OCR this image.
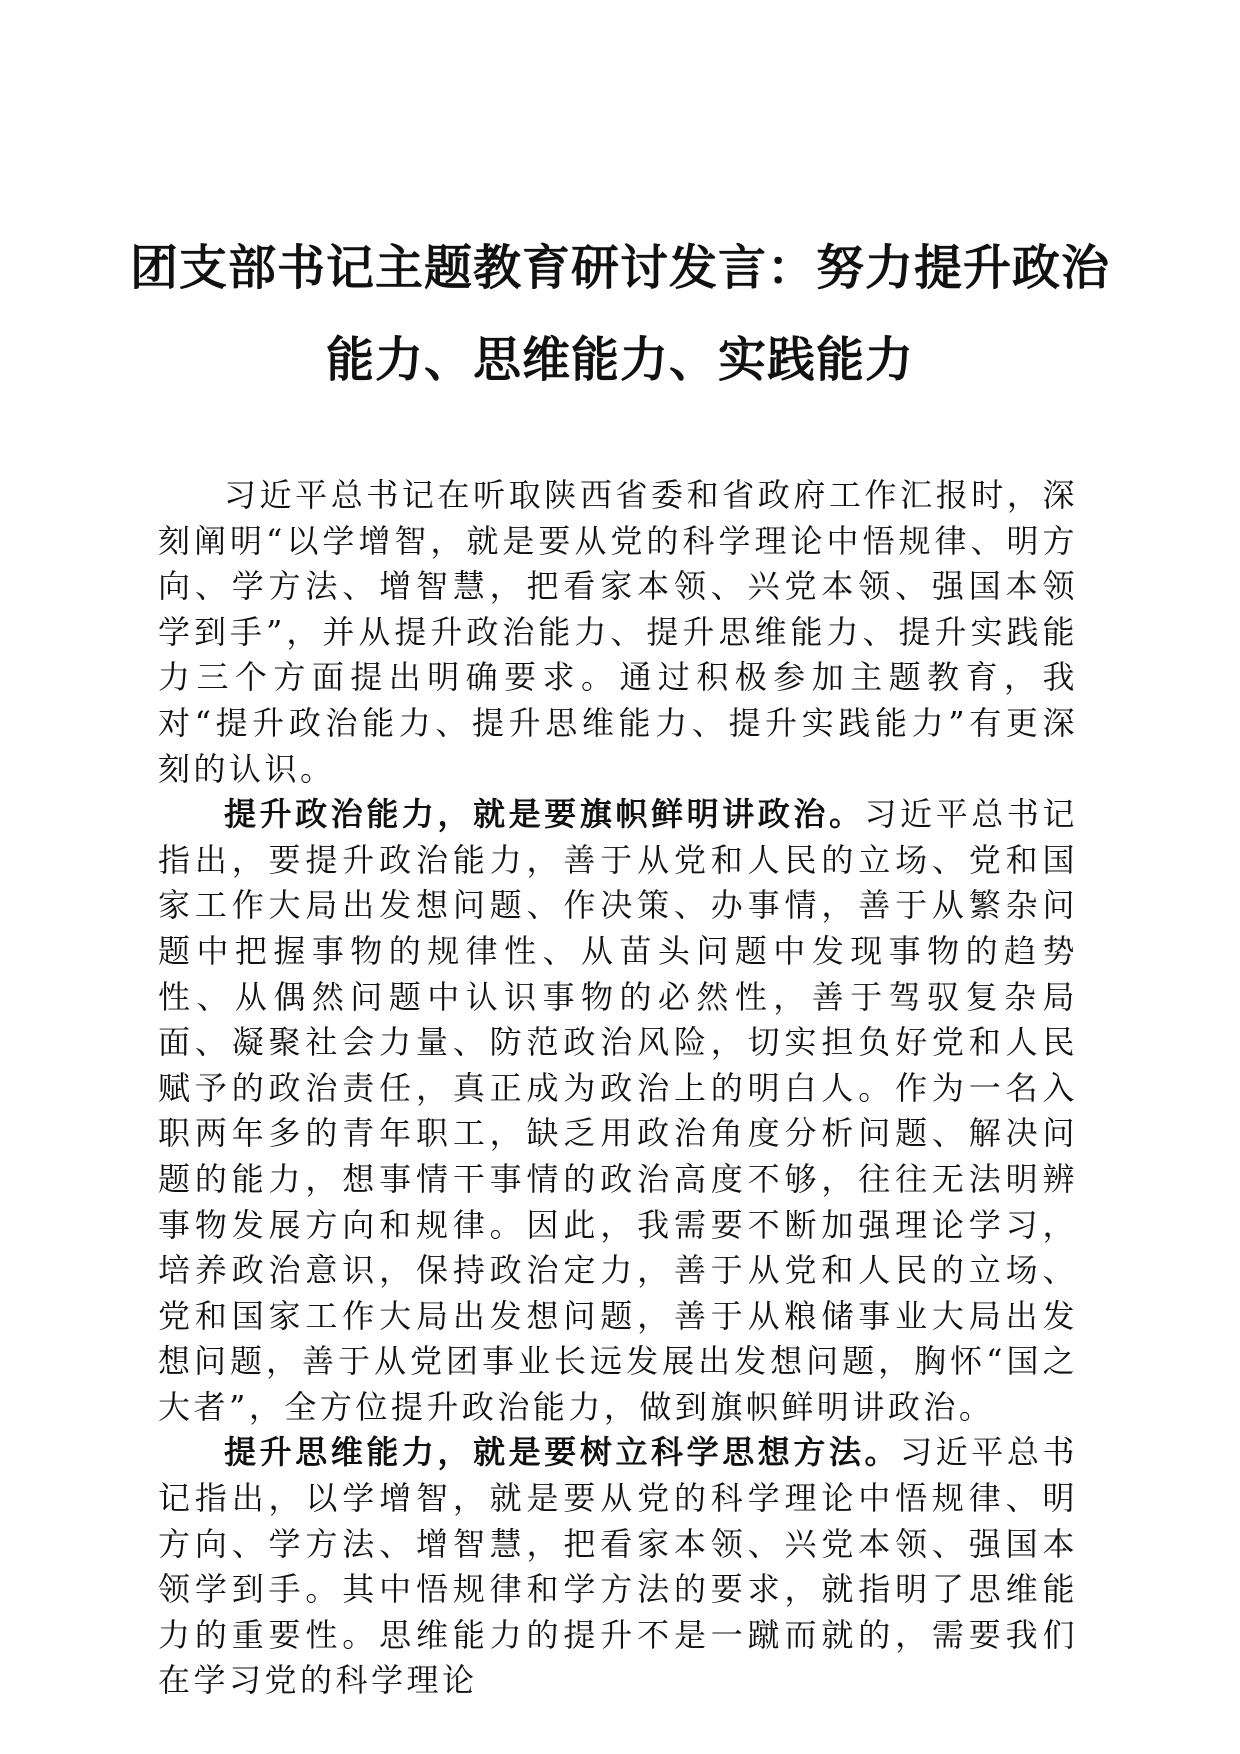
团支部书记主题教育研讨发言：努力提升政治
能力、思维能力、实践能力

习近平总书记在听取陕西省委和省政府工作汇报时，深刻阐明“以学增智，就是要从党的科学理论中悟规律、明方向、学方法、增智慧，把看家本领、兴党本领、强国本领学到手”，并从提升政治能力、提升思维能力、提升实践能力三个方面提出明确要求。通过积极参加主题教育，我对“提升政治能力、提升思维能力、提升实践能力”有更深刻的认识。

提升政治能力，就是要旗帜鲜明讲政治。习近平总书记指出，要提升政治能力，善于从党和人民的立场、党和国家工作大局出发想问题、作决策、办事情，善于从繁杂问题中把握事物的规律性、从苗头问题中发现事物的趋势性、从偶然问题中认识事物的必然性，善于驾驭复杂局面、凝聚社会力量、防范政治风险，切实担负好党和人民赋予的政治责任，真正成为政治上的明白人。作为一名入职两年多的青年职工，缺乏用政治角度分析问题、解决问题的能力，想事情干事情的政治高度不够，往往无法明辨事物发展方向和规律。因此，我需要不断加强理论学习，培养政治意识，保持政治定力，善于从党和人民的立场、党和国家工作大局出发想问题，善于从粮储事业大局出发想问题，善于从党团事业长远发展出发想问题，胸怀“国之大者”，全方位提升政治能力，做到旗帜鲜明讲政治。

提升思维能力，就是要树立科学思想方法。习近平总书记指出，以学增智，就是要从党的科学理论中悟规律、明方向、学方法、增智慧，把看家本领、兴党本领、强国本领学到手。其中悟规律和学方法的要求，就指明了思维能力的重要性。思维能力的提升不是一蹴而就的，需要我们在学习党的科学理论
